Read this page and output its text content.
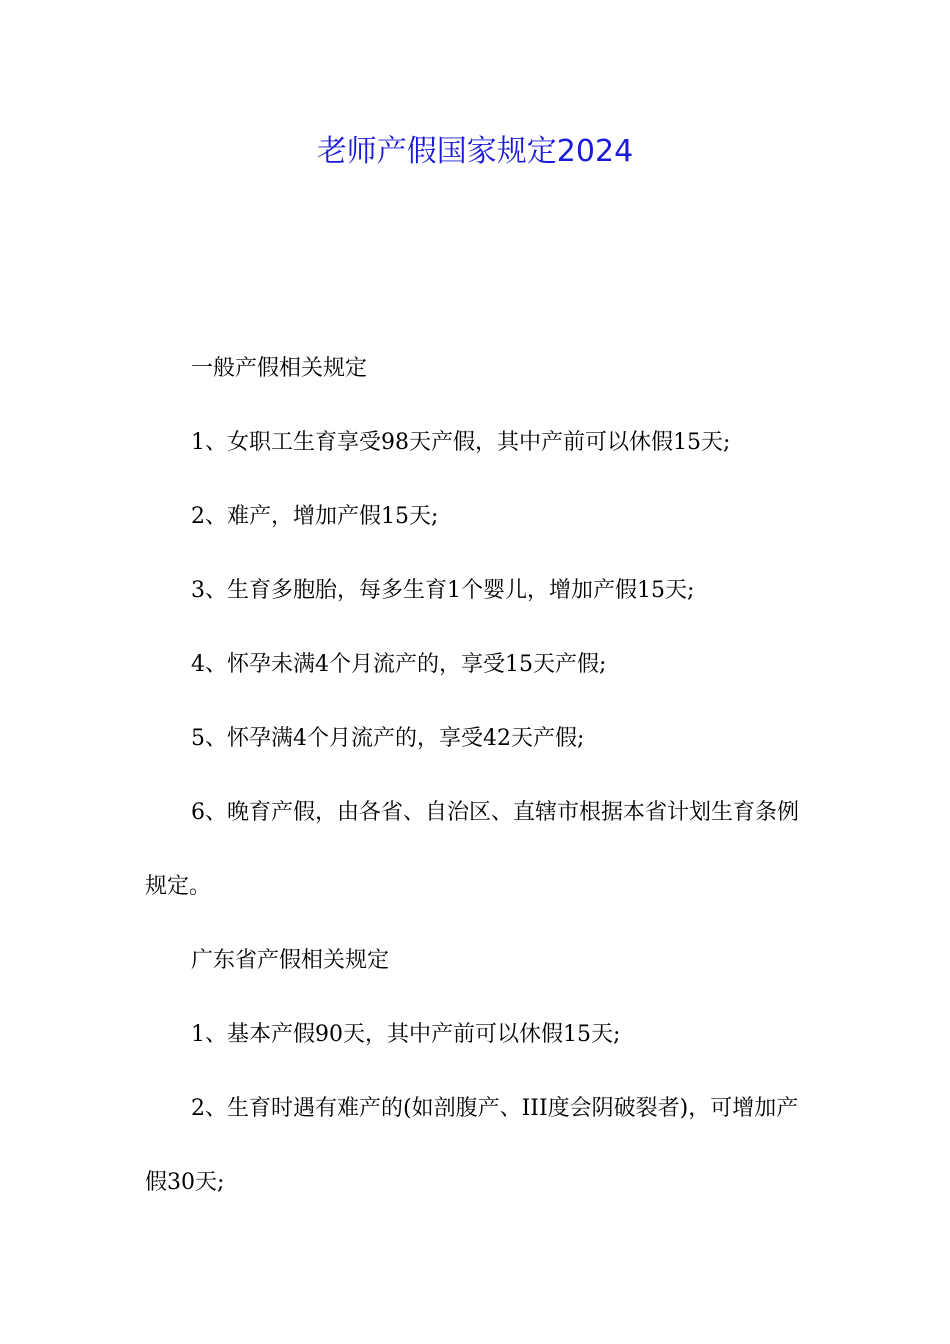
老师产假国家规定2024

一般产假相关规定

1、女职工生育享受98天产假，其中产前可以休假15天;

2、难产，增加产假15天;

3、生育多胞胎，每多生育1个婴儿，增加产假15天;

4、怀孕未满4个月流产的，享受15天产假;

5、怀孕满4个月流产的，享受42天产假;

6、晚育产假，由各省、自治区、直辖市根据本省计划生育条例规定。

广东省产假相关规定

1、基本产假90天，其中产前可以休假15天;

2、生育时遇有难产的(如剖腹产、III度会阴破裂者)，可增加产假30天;
